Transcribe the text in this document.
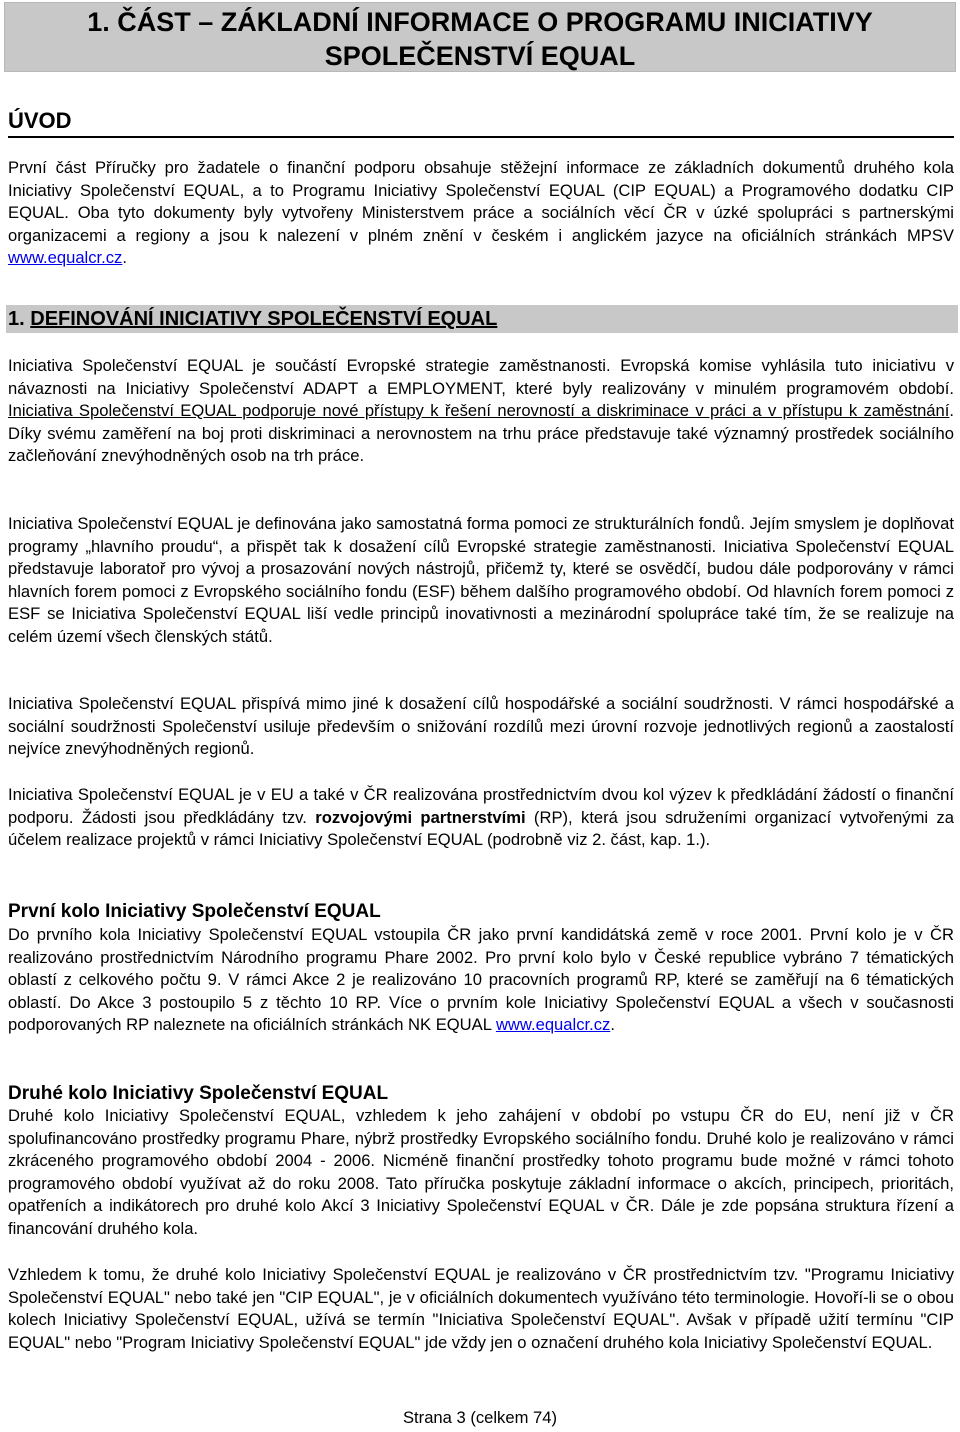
1. ČÁST – ZÁKLADNÍ INFORMACE O PROGRAMU INICIATIVY
SPOLEČENSTVÍ EQUAL
ÚVOD

První část Příručky pro žadatele o finanční podporu obsahuje stěžejní informace ze základních dokumentů druhého kola Iniciativy Společenství EQUAL, a to Programu Iniciativy Společenství EQUAL (CIP EQUAL) a Programového dodatku CIP EQUAL. Oba tyto dokumenty byly vytvořeny Ministerstvem práce a sociálních věcí ČR v úzké spolupráci s partnerskými organizacemi a regiony a jsou k nalezení v plném znění v českém i anglickém jazyce na oficiálních stránkách MPSV www.equalcr.cz.

1. DEFINOVÁNÍ INICIATIVY SPOLEČENSTVÍ EQUAL

Iniciativa Společenství EQUAL je součástí Evropské strategie zaměstnanosti. Evropská komise vyhlásila tuto iniciativu v návaznosti na Iniciativy Společenství ADAPT a EMPLOYMENT, které byly realizovány v minulém programovém období. Iniciativa Společenství EQUAL podporuje nové přístupy k řešení nerovností a diskriminace v práci a v přístupu k zaměstnání. Díky svému zaměření na boj proti diskriminaci a nerovnostem na trhu práce představuje také významný prostředek sociálního začleňování znevýhodněných osob na trh práce.

Iniciativa Společenství EQUAL je definována jako samostatná forma pomoci ze strukturálních fondů. Jejím smyslem je doplňovat programy „hlavního proudu“, a přispět tak k dosažení cílů Evropské strategie zaměstnanosti. Iniciativa Společenství EQUAL představuje laboratoř pro vývoj a prosazování nových nástrojů, přičemž ty, které se osvědčí, budou dále podporovány v rámci hlavních forem pomoci z Evropského sociálního fondu (ESF) během dalšího programového období. Od hlavních forem pomoci z ESF se Iniciativa Společenství EQUAL liší vedle principů inovativnosti a mezinárodní spolupráce také tím, že se realizuje na celém území všech členských států.

Iniciativa Společenství EQUAL přispívá mimo jiné k dosažení cílů hospodářské a sociální soudržnosti. V rámci hospodářské a sociální soudržnosti Společenství usiluje především o snižování rozdílů mezi úrovní rozvoje jednotlivých regionů a zaostalostí nejvíce znevýhodněných regionů.

Iniciativa Společenství EQUAL je v EU a také v ČR realizována prostřednictvím dvou kol výzev k předkládání žádostí o finanční podporu. Žádosti jsou předkládány tzv. rozvojovými partnerstvími (RP), která jsou sdruženími organizací vytvořenými za účelem realizace projektů v rámci Iniciativy Společenství EQUAL (podrobně viz 2. část, kap. 1.).

První kolo Iniciativy Společenství EQUAL

Do prvního kola Iniciativy Společenství EQUAL vstoupila ČR jako první kandidátská země v roce 2001. První kolo je v ČR realizováno prostřednictvím Národního programu Phare 2002. Pro první kolo bylo v České republice vybráno 7 tématických oblastí z celkového počtu 9. V rámci Akce 2 je realizováno 10 pracovních programů RP, které se zaměřují na 6 tématických oblastí. Do Akce 3 postoupilo 5 z těchto 10 RP. Více o prvním kole Iniciativy Společenství EQUAL a všech v současnosti podporovaných RP naleznete na oficiálních stránkách NK EQUAL www.equalcr.cz.

Druhé kolo Iniciativy Společenství EQUAL

Druhé kolo Iniciativy Společenství EQUAL, vzhledem k jeho zahájení v období po vstupu ČR do EU, není již v ČR spolufinancováno prostředky programu Phare, nýbrž prostředky Evropského sociálního fondu. Druhé kolo je realizováno v rámci zkráceného programového období 2004 - 2006. Nicméně finanční prostředky tohoto programu bude možné v rámci tohoto programového období využívat až do roku 2008. Tato příručka poskytuje základní informace o akcích, principech, prioritách, opatřeních a indikátorech pro druhé kolo Akcí 3 Iniciativy Společenství EQUAL v ČR. Dále je zde popsána struktura řízení a financování druhého kola.

Vzhledem k tomu, že druhé kolo Iniciativy Společenství EQUAL je realizováno v ČR prostřednictvím tzv. "Programu Iniciativy Společenství EQUAL" nebo také jen "CIP EQUAL", je v oficiálních dokumentech využíváno této terminologie. Hovoří-li se o obou kolech Iniciativy Společenství EQUAL, užívá se termín "Iniciativa Společenství EQUAL". Avšak v případě užití termínu "CIP EQUAL" nebo "Program Iniciativy Společenství EQUAL" jde vždy jen o označení druhého kola Iniciativy Společenství EQUAL.

Strana 3 (celkem 74)
